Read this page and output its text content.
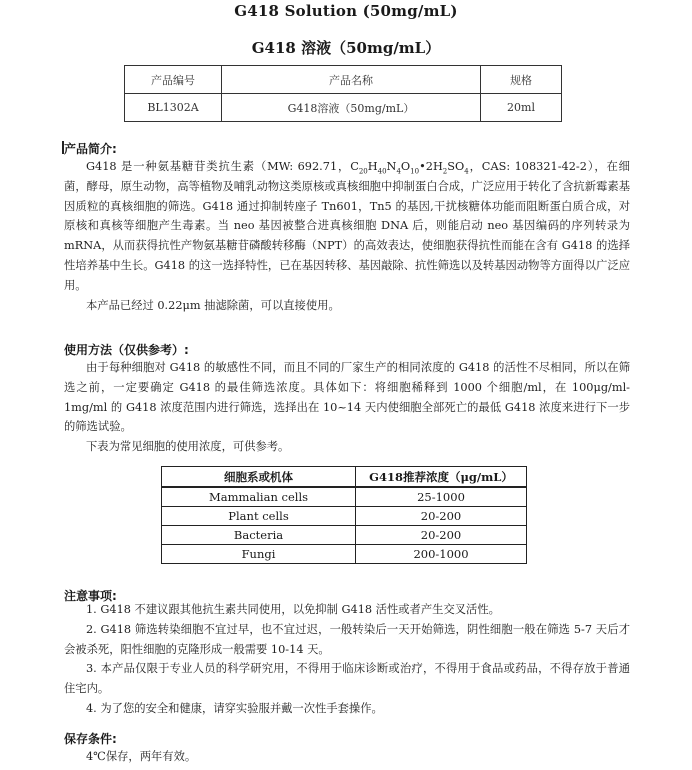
G418 Solution (50mg/mL)
G418 溶液（50mg/mL）
产品编号	产品名称	规格
BL1302A	G418溶液（50mg/mL）	20ml
产品简介:

G418 是一种氨基糖苷类抗生素（MW: 692.71，$C_{20}H_{40}N_4O_{10}•2H_2SO_4$，CAS: 108321-42-2），在细菌，酵母，原生动物，高等植物及哺乳动物这类原核或真核细胞中抑制蛋白合成，广泛应用于转化了含抗新霉素基因质粒的真核细胞的筛选。G418 通过抑制转座子 Tn601，Tn5 的基因,干扰核糖体功能而阻断蛋白质合成，对原核和真核等细胞产生毒素。当 neo 基因被整合进真核细胞 DNA 后，则能启动 neo 基因编码的序列转录为 mRNA，从而获得抗性产物氨基糖苷磷酸转移酶（NPT）的高效表达，使细胞获得抗性而能在含有 G418 的选择性培养基中生长。G418 的这一选择特性，已在基因转移、基因敲除、抗性筛选以及转基因动物等方面得以广泛应用。

本产品已经过 0.22μm 抽滤除菌，可以直接使用。

使用方法（仅供参考）:

由于每种细胞对 G418 的敏感性不同，而且不同的厂家生产的相同浓度的 G418 的活性不尽相同，所以在筛选之前，一定要确定 G418 的最佳筛选浓度。具体如下：将细胞稀释到 1000 个细胞/ml，在 100μg/ml-1mg/ml 的 G418 浓度范围内进行筛选，选择出在 10~14 天内使细胞全部死亡的最低 G418 浓度来进行下一步的筛选试验。

下表为常见细胞的使用浓度，可供参考。

细胞系或机体	G418推荐浓度（μg/mL）
Mammalian cells	25-1000
Plant cells	20-200
Bacteria	20-200
Fungi	200-1000
注意事项:

1. G418 不建议跟其他抗生素共同使用，以免抑制 G418 活性或者产生交叉活性。

2. G418 筛选转染细胞不宜过早，也不宜过迟，一般转染后一天开始筛选，阴性细胞一般在筛选 5-7 天后才会被杀死，阳性细胞的克隆形成一般需要 10-14 天。

3. 本产品仅限于专业人员的科学研究用，不得用于临床诊断或治疗，不得用于食品或药品，不得存放于普通住宅内。

4. 为了您的安全和健康，请穿实验服并戴一次性手套操作。

保存条件:

4℃保存，两年有效。
